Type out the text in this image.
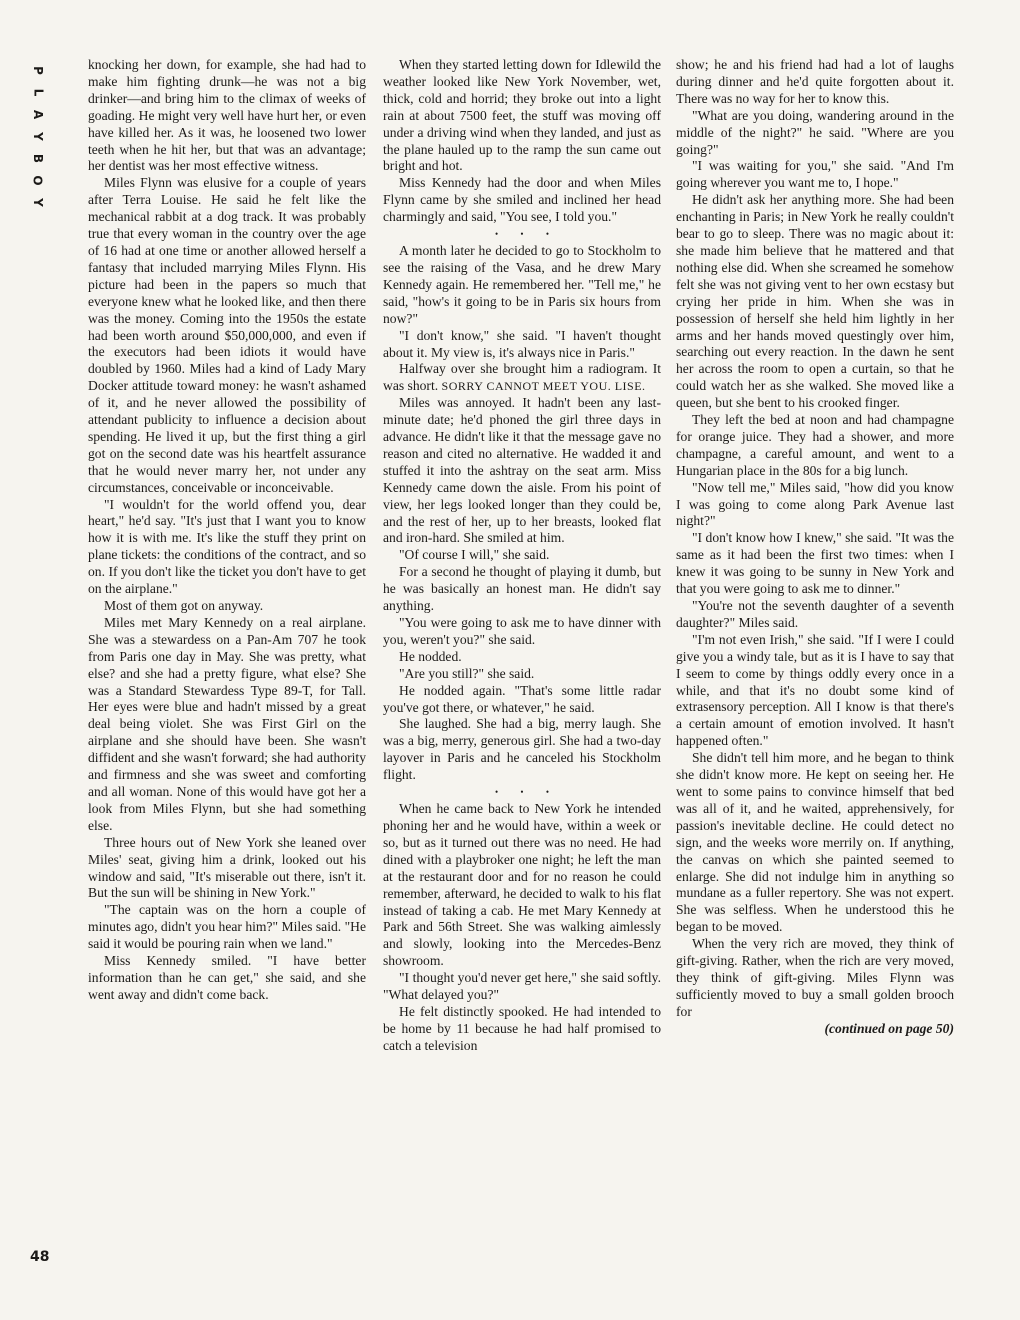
P
L
A
Y
B
O
Y
48

knocking her down, for example, she had had to make him fighting drunk—he was not a big drinker—and bring him to the climax of weeks of goading. He might very well have hurt her, or even have killed her. As it was, he loosened two lower teeth when he hit her, but that was an advantage; her dentist was her most effective witness.

Miles Flynn was elusive for a couple of years after Terra Louise. He said he felt like the mechanical rabbit at a dog track. It was probably true that every woman in the country over the age of 16 had at one time or another allowed herself a fantasy that included marrying Miles Flynn. His picture had been in the papers so much that everyone knew what he looked like, and then there was the money. Coming into the 1950s the estate had been worth around $50,000,000, and even if the executors had been idiots it would have doubled by 1960. Miles had a kind of Lady Mary Docker attitude toward money: he wasn't ashamed of it, and he never allowed the possibility of attendant publicity to influence a decision about spending. He lived it up, but the first thing a girl got on the second date was his heartfelt assurance that he would never marry her, not under any circumstances, conceivable or inconceivable.

"I wouldn't for the world offend you, dear heart," he'd say. "It's just that I want you to know how it is with me. It's like the stuff they print on plane tickets: the conditions of the contract, and so on. If you don't like the ticket you don't have to get on the airplane."

Most of them got on anyway.

Miles met Mary Kennedy on a real airplane. She was a stewardess on a Pan-Am 707 he took from Paris one day in May. She was pretty, what else? and she had a pretty figure, what else? She was a Standard Stewardess Type 89-T, for Tall. Her eyes were blue and hadn't missed by a great deal being violet. She was First Girl on the airplane and she should have been. She wasn't diffident and she wasn't forward; she had authority and firmness and she was sweet and comforting and all woman. None of this would have got her a look from Miles Flynn, but she had something else.

Three hours out of New York she leaned over Miles' seat, giving him a drink, looked out his window and said, "It's miserable out there, isn't it. But the sun will be shining in New York."

"The captain was on the horn a couple of minutes ago, didn't you hear him?" Miles said. "He said it would be pouring rain when we land."

Miss Kennedy smiled. "I have better information than he can get," she said, and she went away and didn't come back.

When they started letting down for Idlewild the weather looked like New York November, wet, thick, cold and horrid; they broke out into a light rain at about 7500 feet, the stuff was moving off under a driving wind when they landed, and just as the plane hauled up to the ramp the sun came out bright and hot.

Miss Kennedy had the door and when Miles Flynn came by she smiled and inclined her head charmingly and said, "You see, I told you."

• • •

A month later he decided to go to Stockholm to see the raising of the Vasa, and he drew Mary Kennedy again. He remembered her. "Tell me," he said, "how's it going to be in Paris six hours from now?"

"I don't know," she said. "I haven't thought about it. My view is, it's always nice in Paris."

Halfway over she brought him a radiogram. It was short. SORRY CANNOT MEET YOU. LISE.

Miles was annoyed. It hadn't been any last-minute date; he'd phoned the girl three days in advance. He didn't like it that the message gave no reason and cited no alternative. He wadded it and stuffed it into the ashtray on the seat arm. Miss Kennedy came down the aisle. From his point of view, her legs looked longer than they could be, and the rest of her, up to her breasts, looked flat and iron-hard. She smiled at him.

"Of course I will," she said.

For a second he thought of playing it dumb, but he was basically an honest man. He didn't say anything.

"You were going to ask me to have dinner with you, weren't you?" she said.

He nodded.

"Are you still?" she said.

He nodded again. "That's some little radar you've got there, or whatever," he said.

She laughed. She had a big, merry laugh. She was a big, merry, generous girl. She had a two-day layover in Paris and he canceled his Stockholm flight.

• • •

When he came back to New York he intended phoning her and he would have, within a week or so, but as it turned out there was no need. He had dined with a playbroker one night; he left the man at the restaurant door and for no reason he could remember, afterward, he decided to walk to his flat instead of taking a cab. He met Mary Kennedy at Park and 56th Street. She was walking aimlessly and slowly, looking into the Mercedes-Benz showroom.

"I thought you'd never get here," she said softly. "What delayed you?"

He felt distinctly spooked. He had intended to be home by 11 because he had half promised to catch a television

show; he and his friend had had a lot of laughs during dinner and he'd quite forgotten about it. There was no way for her to know this.

"What are you doing, wandering around in the middle of the night?" he said. "Where are you going?"

"I was waiting for you," she said. "And I'm going wherever you want me to, I hope."

He didn't ask her anything more. She had been enchanting in Paris; in New York he really couldn't bear to go to sleep. There was no magic about it: she made him believe that he mattered and that nothing else did. When she screamed he somehow felt she was not giving vent to her own ecstasy but crying her pride in him. When she was in possession of herself she held him lightly in her arms and her hands moved questingly over him, searching out every reaction. In the dawn he sent her across the room to open a curtain, so that he could watch her as she walked. She moved like a queen, but she bent to his crooked finger.

They left the bed at noon and had champagne for orange juice. They had a shower, and more champagne, a careful amount, and went to a Hungarian place in the 80s for a big lunch.

"Now tell me," Miles said, "how did you know I was going to come along Park Avenue last night?"

"I don't know how I knew," she said. "It was the same as it had been the first two times: when I knew it was going to be sunny in New York and that you were going to ask me to dinner."

"You're not the seventh daughter of a seventh daughter?" Miles said.

"I'm not even Irish," she said. "If I were I could give you a windy tale, but as it is I have to say that I seem to come by things oddly every once in a while, and that it's no doubt some kind of extrasensory perception. All I know is that there's a certain amount of emotion involved. It hasn't happened often."

She didn't tell him more, and he began to think she didn't know more. He kept on seeing her. He went to some pains to convince himself that bed was all of it, and he waited, apprehensively, for passion's inevitable decline. He could detect no sign, and the weeks wore merrily on. If anything, the canvas on which she painted seemed to enlarge. She did not indulge him in anything so mundane as a fuller repertory. She was not expert. She was selfless. When he understood this he began to be moved.

When the very rich are moved, they think of gift-giving. Rather, when the rich are very moved, they think of gift-giving. Miles Flynn was sufficiently moved to buy a small golden brooch for

(continued on page 50)
